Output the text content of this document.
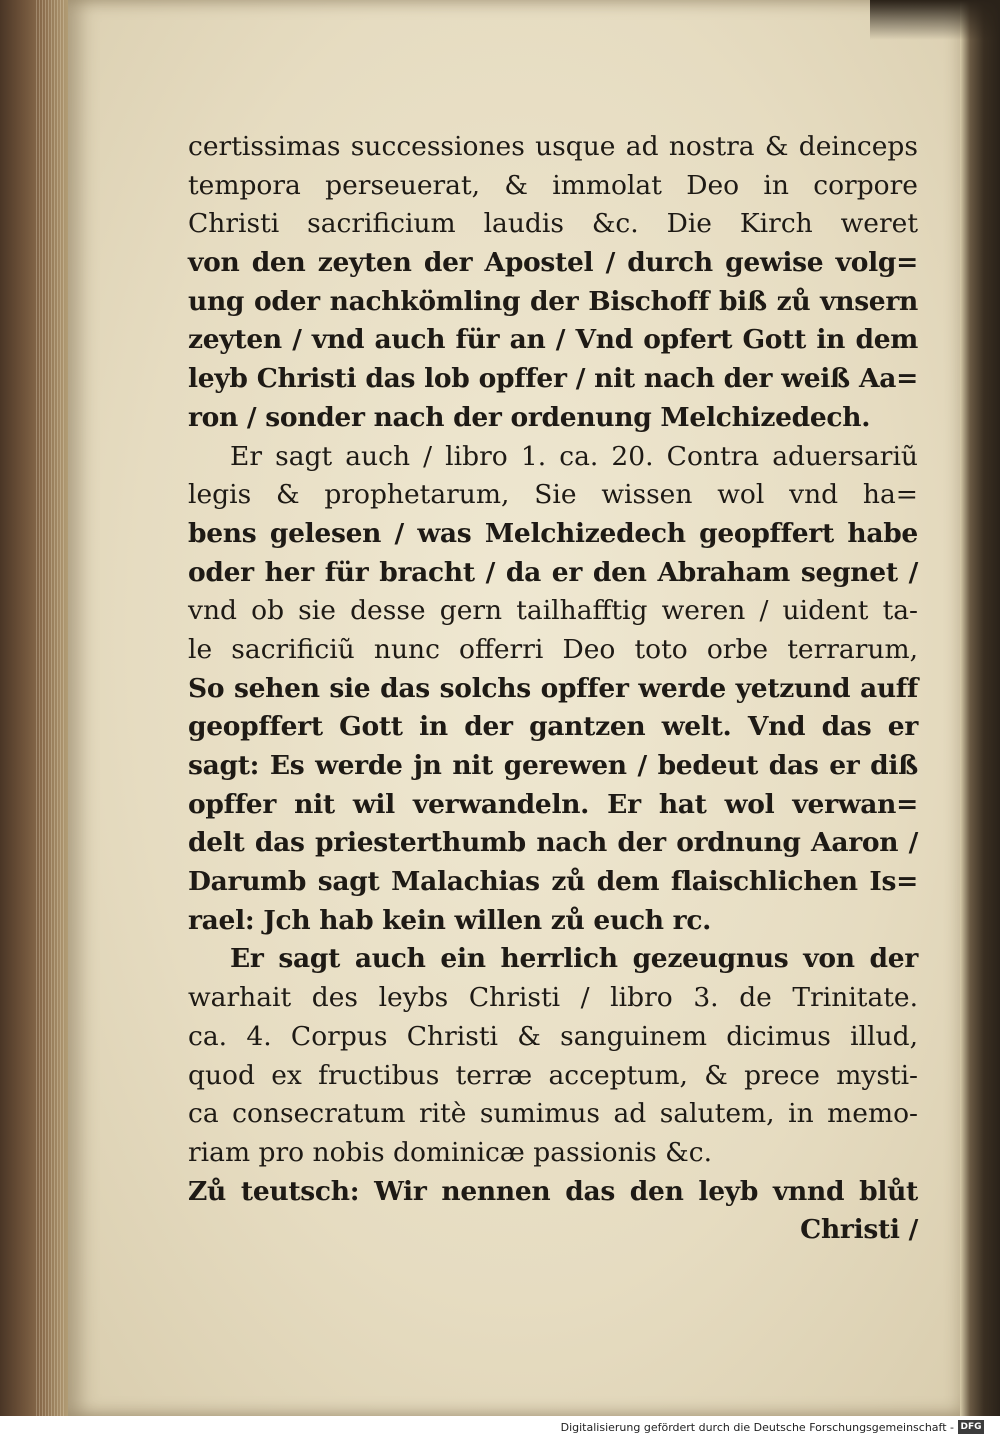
certissimas successiones usque ad nostra & deinceps
tempora perseuerat, & immolat Deo in corpore
Christi sacrificium laudis &c. Die Kirch weret
von den zeyten der Apostel / durch gewise volg=
ung oder nachkömling der Bischoff biß zů vnsern
zeyten / vnd auch für an / Vnd opfert Gott in dem
leyb Christi das lob opffer / nit nach der weiß Aa=
ron / sonder nach der ordenung Melchizedech.
Er sagt auch / libro 1. ca. 20. Contra aduersariũ
legis & prophetarum, Sie wissen wol vnd ha=
bens gelesen / was Melchizedech geopffert habe
oder her für bracht / da er den Abraham segnet /
vnd ob sie desse gern tailhafftig weren / uident ta-
le sacrificiũ nunc offerri Deo toto orbe terrarum,
So sehen sie das solchs opffer werde yetzund auff
geopffert Gott in der gantzen welt. Vnd das er
sagt: Es werde jn nit gerewen / bedeut das er diß
opffer nit wil verwandeln. Er hat wol verwan=
delt das priesterthumb nach der ordnung Aaron /
Darumb sagt Malachias zů dem flaischlichen Is=
rael: Jch hab kein willen zů euch rc.
Er sagt auch ein herrlich gezeugnus von der
warhait des leybs Christi / libro 3. de Trinitate.
ca. 4. Corpus Christi & sanguinem dicimus illud,
quod ex fructibus terræ acceptum, & prece mysti-
ca consecratum ritè sumimus ad salutem, in memo-
riam pro nobis dominicæ passionis &c.
Zů teutsch: Wir nennen das den leyb vnnd blůt
Christi /
Digitalisierung gefördert durch die Deutsche Forschungsgemeinschaft - DFG
